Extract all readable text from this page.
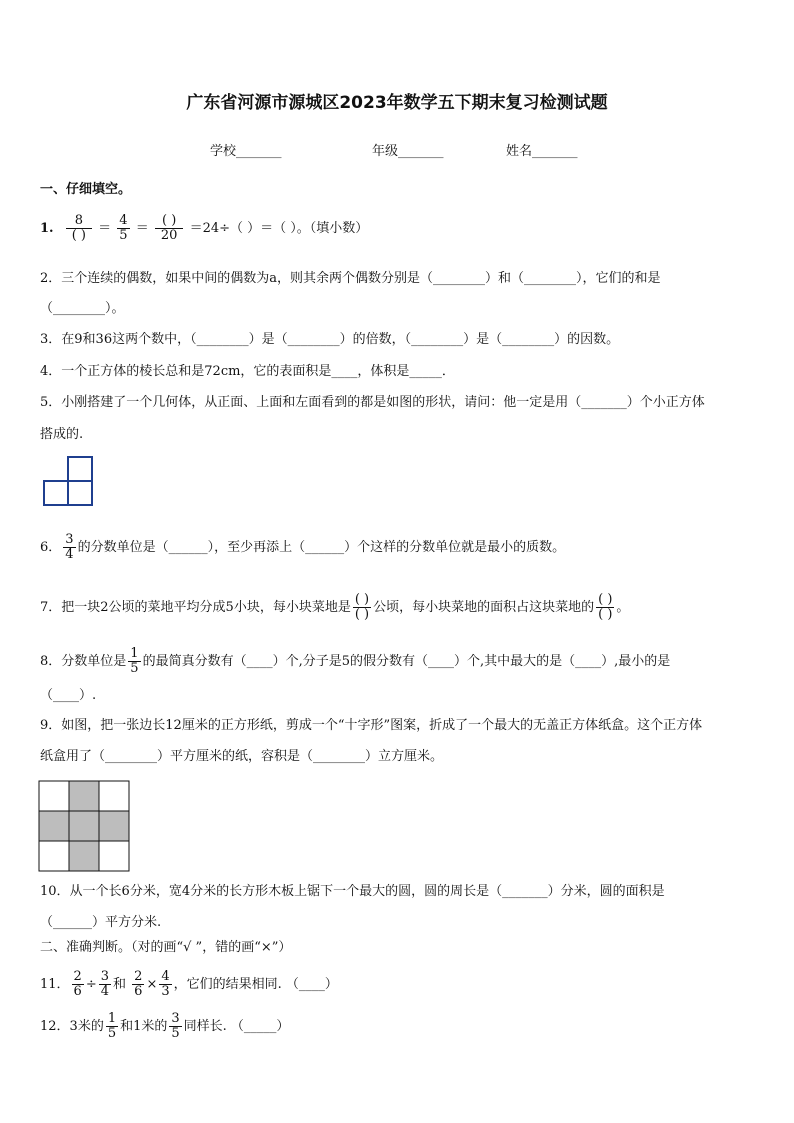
广东省河源市源城区2023年数学五下期末复习检测试题
学校_______	年级_______	姓名_______
一、仔细填空。
1. $\frac{8}{( )} = \frac{4}{5} = \frac{( )}{20} =24\div$（ ）＝（ ）。（填小数）
2．三个连续的偶数，如果中间的偶数为a，则其余两个偶数分别是（________）和（________），它们的和是
（________）。
3．在9和36这两个数中，（________）是（________）的倍数，（________）是（________）的因数。
4．一个正方体的棱长总和是72cm，它的表面积是____，体积是_____．
5．小刚搭建了一个几何体，从正面、上面和左面看到的都是如图的形状，请问：他一定是用（_______）个小正方体
搭成的.
6． $\frac{3}{4}$ 的分数单位是（______），至少再添上（______）个这样的分数单位就是最小的质数。
7．把一块2公顷的菜地平均分成5小块，每小块菜地是 $\frac{( )}{( )}$ 公顷，每小块菜地的面积占这块菜地的 $\frac{( )}{( )}$ 。
8．分数单位是 $\frac{1}{5}$ 的最简真分数有（____）个,分子是5的假分数有（____）个,其中最大的是（____）,最小的是
（____）.
9．如图，把一张边长12厘米的正方形纸，剪成一个“十字形”图案，折成了一个最大的无盖正方体纸盒。这个正方体
纸盒用了（________）平方厘米的纸，容积是（________）立方厘米。
10．从一个长6分米，宽4分米的长方形木板上锯下一个最大的圆，圆的周长是（_______）分米，圆的面积是
（______）平方分米.
二、准确判断。（对的画“√ ”，错的画“×”）
11． $\frac{2}{6} \div \frac{3}{4}$ 和 $\frac{2}{6} \times \frac{4}{3}$ ，它们的结果相同. （____）
12．3米的 $\frac{1}{5}$ 和1米的 $\frac{3}{5}$ 同样长. （_____）
